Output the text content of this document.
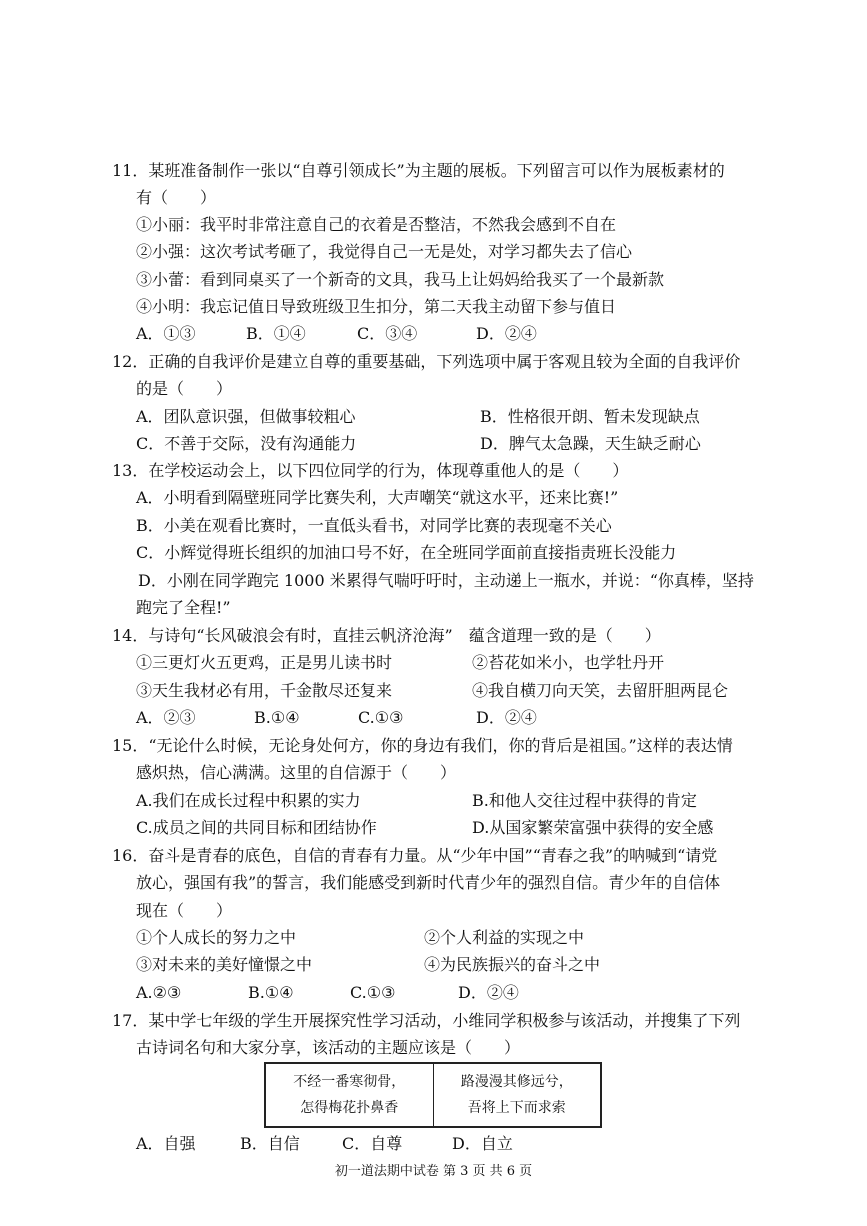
11．某班准备制作一张以“自尊引领成长”为主题的展板。下列留言可以作为展板素材的
有（　　）
①小丽：我平时非常注意自己的衣着是否整洁，不然我会感到不自在
②小强：这次考试考砸了，我觉得自己一无是处，对学习都失去了信心
③小蕾：看到同桌买了一个新奇的文具，我马上让妈妈给我买了一个最新款
④小明：我忘记值日导致班级卫生扣分，第二天我主动留下参与值日
A．①③	B．①④	C．③④	D．②④
12．正确的自我评价是建立自尊的重要基础，下列选项中属于客观且较为全面的自我评价
的是（　　）
A．团队意识强，但做事较粗心	B．性格很开朗、暂未发现缺点
C．不善于交际，没有沟通能力	D．脾气太急躁，天生缺乏耐心
13．在学校运动会上，以下四位同学的行为，体现尊重他人的是（　　）
A．小明看到隔壁班同学比赛失利，大声嘲笑“就这水平，还来比赛!”
B．小美在观看比赛时，一直低头看书，对同学比赛的表现毫不关心
C．小辉觉得班长组织的加油口号不好，在全班同学面前直接指责班长没能力
D．小刚在同学跑完 1000 米累得气喘吁吁时，主动递上一瓶水，并说：“你真棒，坚持
跑完了全程!”
14．与诗句“长风破浪会有时，直挂云帆济沧海”　蕴含道理一致的是（　　）
①三更灯火五更鸡，正是男儿读书时	②苔花如米小，也学牡丹开
③天生我材必有用，千金散尽还复来	④我自横刀向天笑，去留肝胆两昆仑
A．②③	B.①④	C.①③	D．②④
15．“无论什么时候，无论身处何方，你的身边有我们，你的背后是祖国。”这样的表达情
感炽热，信心满满。这里的自信源于（　　）
A.我们在成长过程中积累的实力	B.和他人交往过程中获得的肯定
C.成员之间的共同目标和团结协作	D.从国家繁荣富强中获得的安全感
16．奋斗是青春的底色，自信的青春有力量。从“少年中国”“青春之我”的呐喊到“请党
放心，强国有我”的誓言，我们能感受到新时代青少年的强烈自信。青少年的自信体
现在（　　）
①个人成长的努力之中	②个人利益的实现之中
③对未来的美好憧憬之中	④为民族振兴的奋斗之中
A.②③	B.①④	C.①③	D．②④
17．某中学七年级的学生开展探究性学习活动，小维同学积极参与该活动，并搜集了下列
古诗词名句和大家分享，该活动的主题应该是（　　）
不经一番寒彻骨，
怎得梅花扑鼻香

路漫漫其修远兮，
吾将上下而求索
A．自强	B．自信	C．自尊	D．自立
初一道法期中试卷 第 3 页 共 6 页
